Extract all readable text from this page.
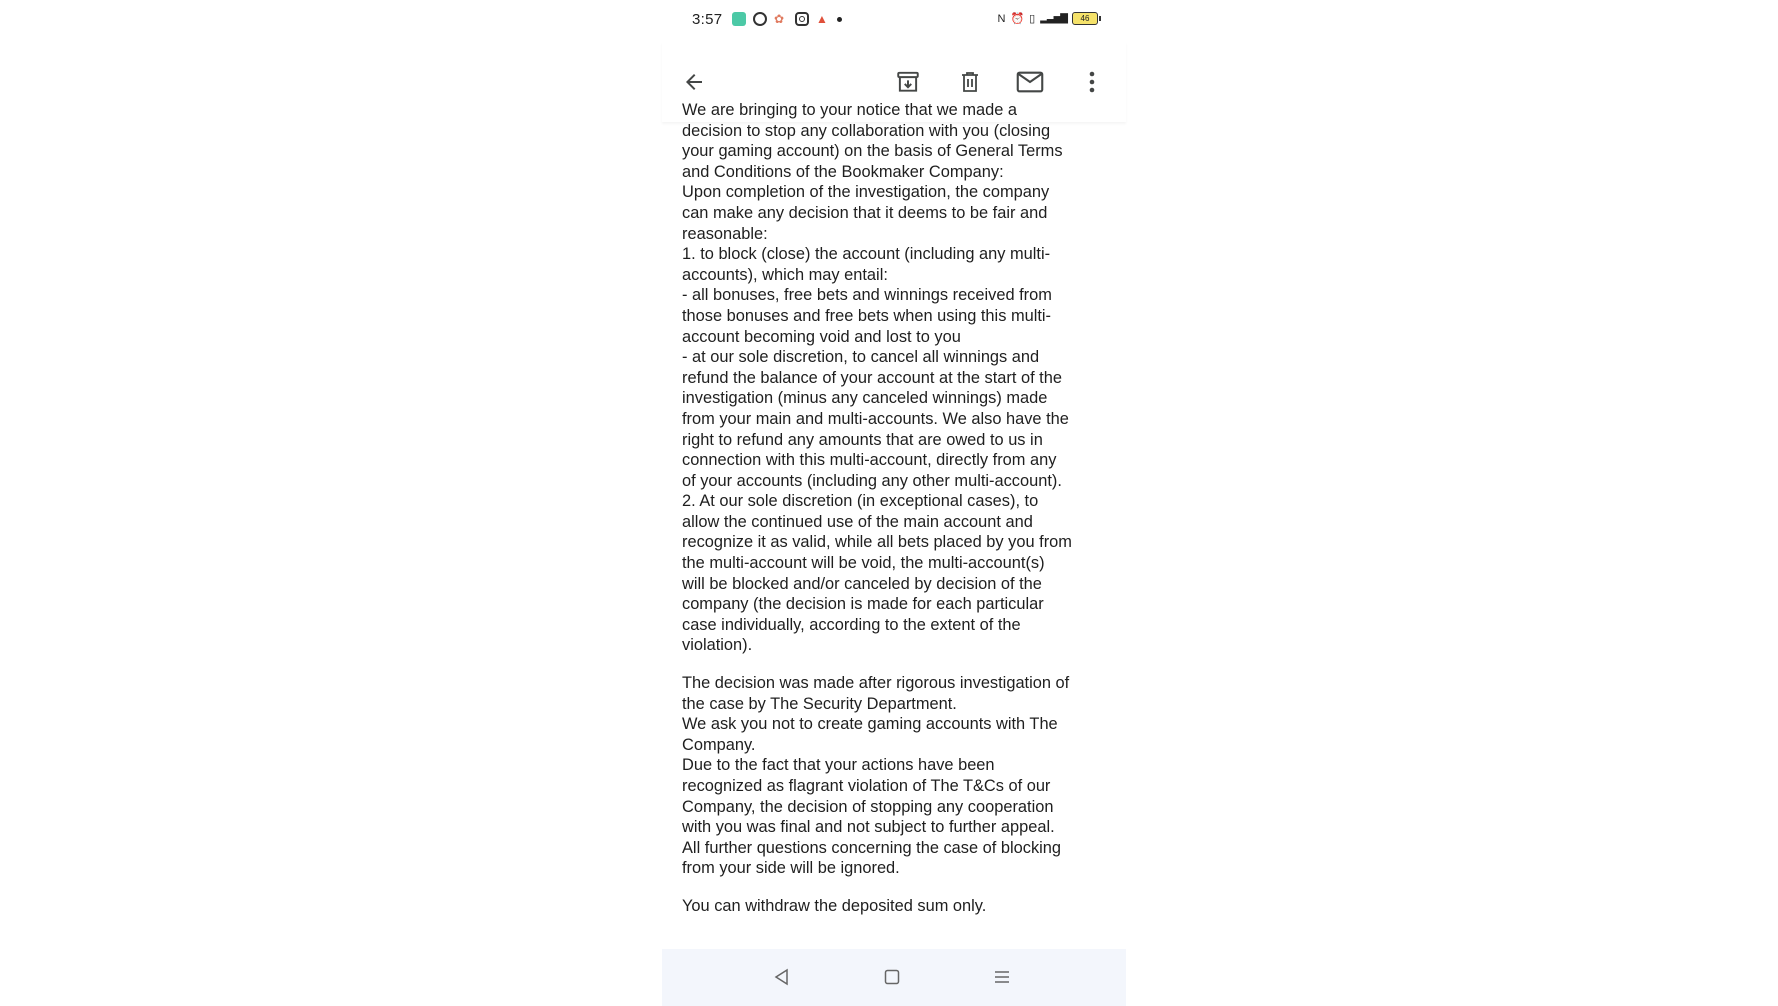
3:57	✿	▲	N ⏰ ▯ ▂▃▅▇	46

We are bringing to your notice that we made a
decision to stop any collaboration with you (closing
your gaming account) on the basis of General Terms
and Conditions of the Bookmaker Company:
Upon completion of the investigation, the company
can make any decision that it deems to be fair and
reasonable:
1. to block (close) the account (including any multi-
accounts), which may entail:
- all bonuses, free bets and winnings received from
those bonuses and free bets when using this multi-
account becoming void and lost to you
- at our sole discretion, to cancel all winnings and
refund the balance of your account at the start of the
investigation (minus any canceled winnings) made
from your main and multi-accounts. We also have the
right to refund any amounts that are owed to us in
connection with this multi-account, directly from any
of your accounts (including any other multi-account).
2. At our sole discretion (in exceptional cases), to
allow the continued use of the main account and
recognize it as valid, while all bets placed by you from
the multi-account will be void, the multi-account(s)
will be blocked and/or canceled by decision of the
company (the decision is made for each particular
case individually, according to the extent of the
violation).

The decision was made after rigorous investigation of
the case by The Security Department.
We ask you not to create gaming accounts with The
Company.
Due to the fact that your actions have been
recognized as flagrant violation of The T&Cs of our
Company, the decision of stopping any cooperation
with you was final and not subject to further appeal.
All further questions concerning the case of blocking
from your side will be ignored.

You can withdraw the deposited sum only.
